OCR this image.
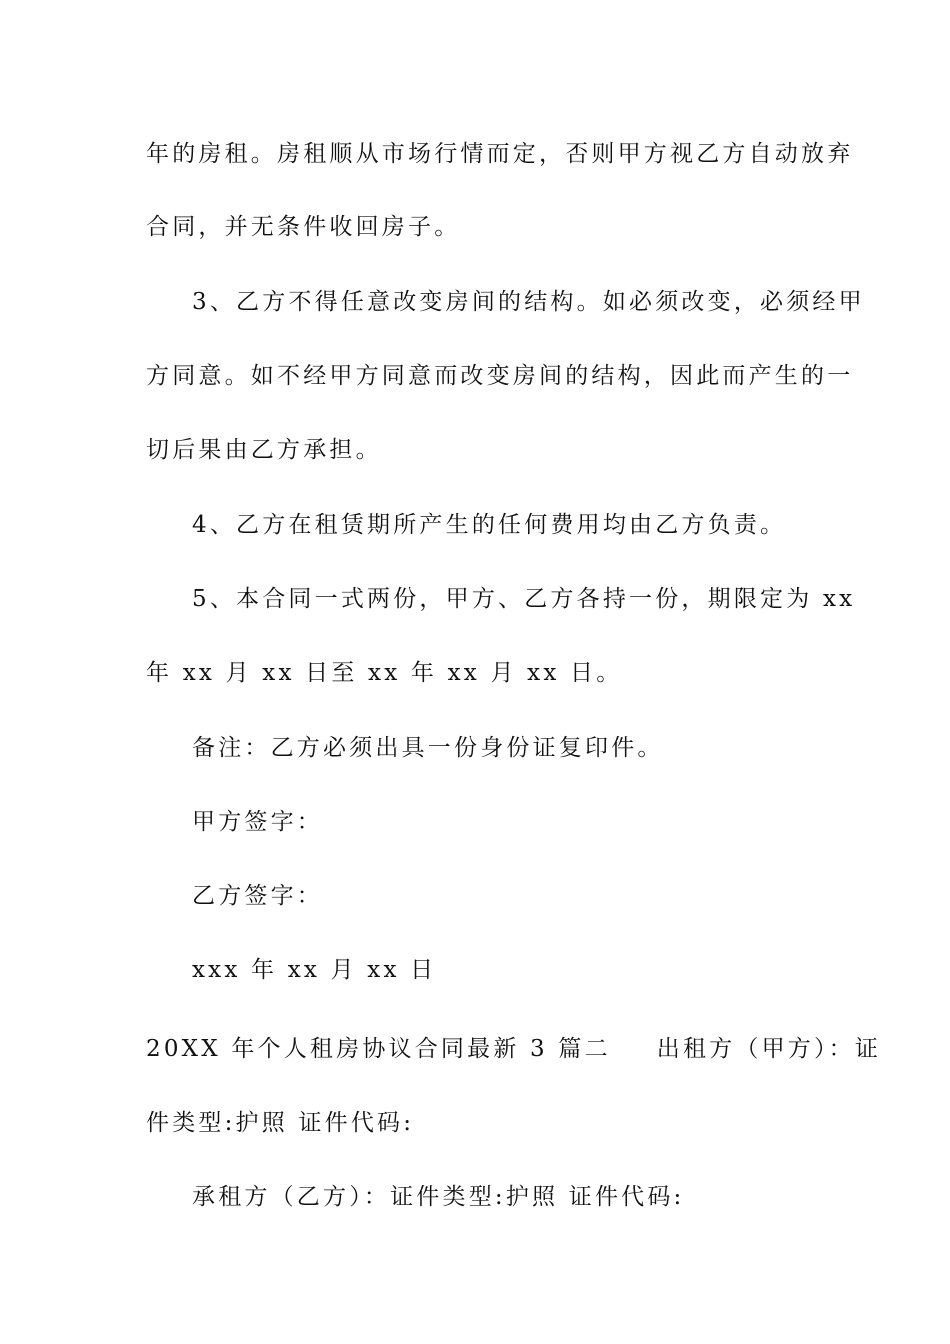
年的房租。房租顺从市场行情而定，否则甲方视乙方自动放弃
合同，并无条件收回房子。
3、乙方不得任意改变房间的结构。如必须改变，必须经甲
方同意。如不经甲方同意而改变房间的结构，因此而产生的一
切后果由乙方承担。
4、乙方在租赁期所产生的任何费用均由乙方负责。
5、本合同一式两份，甲方、乙方各持一份，期限定为 xx
年 xx 月 xx 日至 xx 年 xx 月 xx 日。
备注：乙方必须出具一份身份证复印件。
甲方签字：
乙方签字：
xxx 年 xx 月 xx 日
20XX 年个人租房协议合同最新 3 篇二 出租方（甲方）：证
件类型:护照 证件代码:
承租方（乙方）：证件类型:护照 证件代码:
